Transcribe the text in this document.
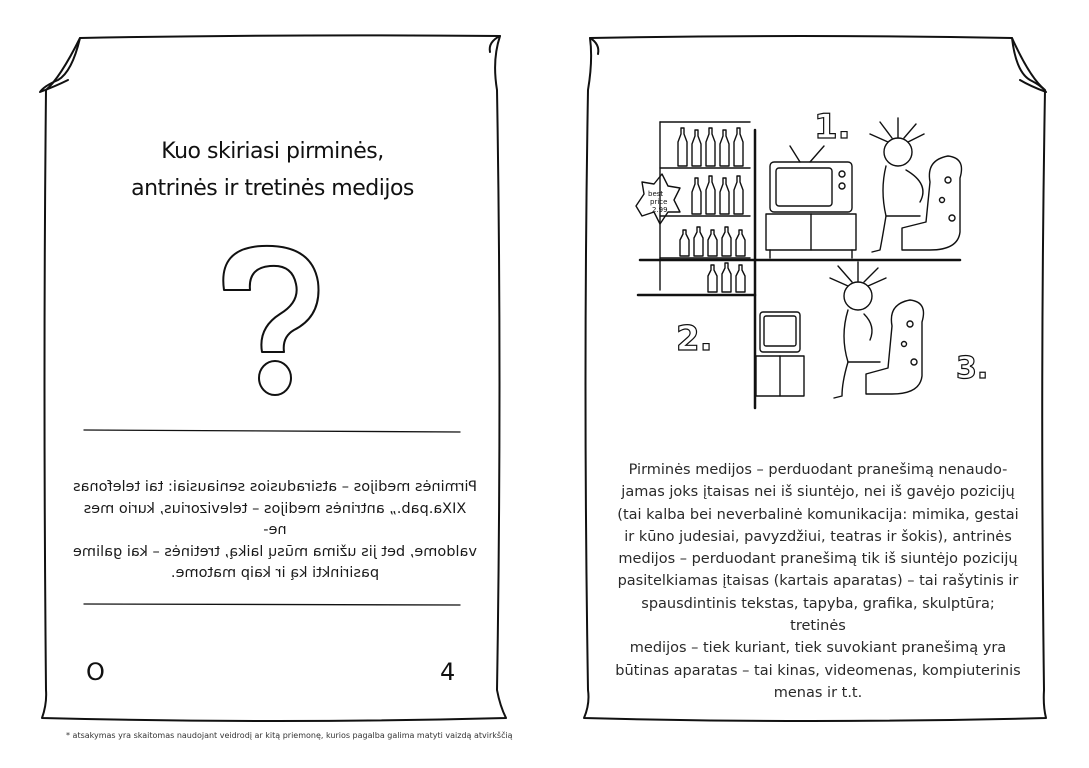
Kuo skiriasi pirminės,
antrinės ir tretinės medijos
Pirminės medijos – atsiradusios seniausiai: tai telefonas
XIXa.pab.„ antrinės medijos – televizorius, kurio mes ne-
valdome, bet jis užima mūsų laiką, tretinės – kai galime
pasirinkti ką ir kaip matome.
O	4
1.
2.
3.
best
price
2.99
Pirminės medijos – perduodant pranešimą nenaudo-
jamas joks įtaisas nei iš siuntėjo, nei iš gavėjo pozicijų
(tai kalba bei neverbalinė komunikacija: mimika, gestai
ir kūno judesiai, pavyzdžiui, teatras ir šokis), antrinės
medijos – perduodant pranešimą tik iš siuntėjo pozicijų
pasitelkiamas įtaisas (kartais aparatas) – tai rašytinis ir
spausdintinis tekstas, tapyba, grafika, skulptūra; tretinės
medijos – tiek kuriant, tiek suvokiant pranešimą yra
būtinas aparatas – tai kinas, videomenas, kompiuterinis
menas ir t.t.
* atsakymas yra skaitomas naudojant veidrodį ar kitą priemonę, kurios pagalba galima matyti vaizdą atvirkščią
